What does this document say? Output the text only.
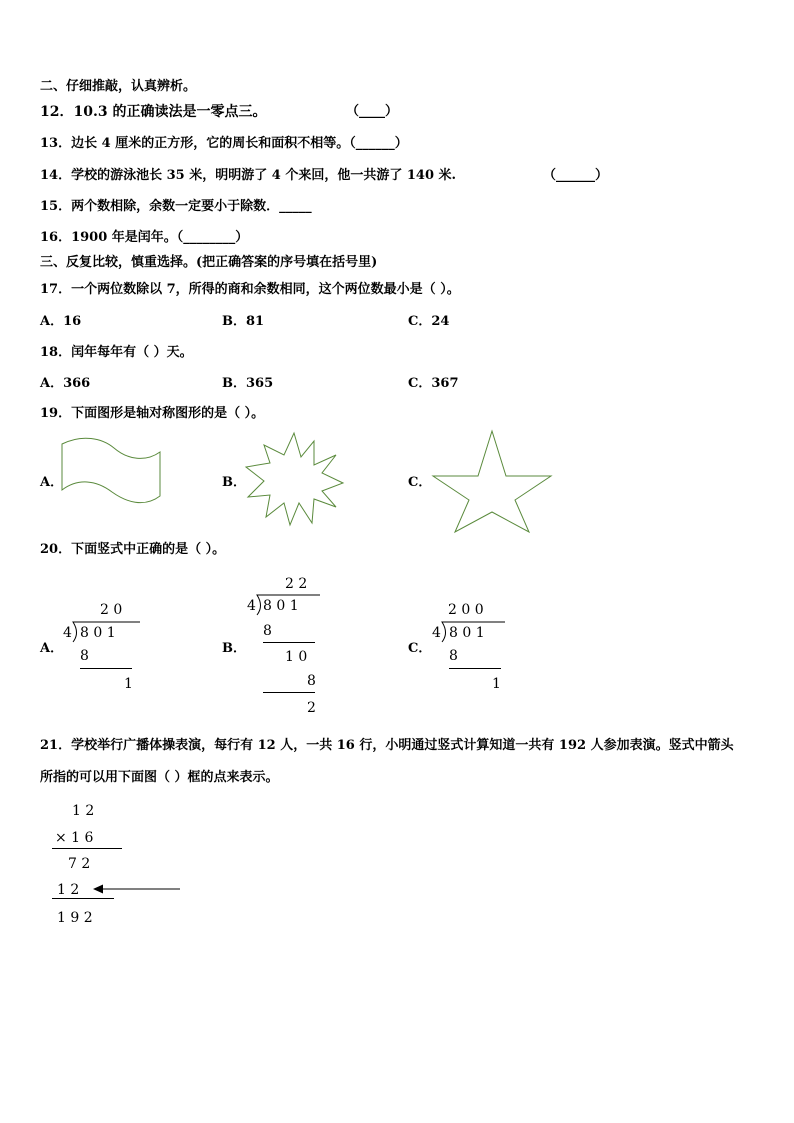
二、仔细推敲，认真辨析。
12．10.3 的正确读法是一零点三。	（____）
13．边长 4 厘米的正方形，它的周长和面积不相等。（______）
14．学校的游泳池长 35 米，明明游了 4 个来回，他一共游了 140 米.	（______）
15．两个数相除，余数一定要小于除数．_____
16．1900 年是闰年。（________）
三、反复比较，慎重选择。(把正确答案的序号填在括号里)
17．一个两位数除以 7，所得的商和余数相同，这个两位数最小是（ ）。
A．16	B．81	C．24
18．闰年每年有（ ）天。
A．366	B．365	C．367
19．下面图形是轴对称图形的是（ ）。
A．	B．	C．
20．下面竖式中正确的是（ ）。
A．	B．	C．
2 0
4 8 0 1
8
1
2 2
4 8 0 1
8
1 0
8
2
2 0 0
4 8 0 1
8
1
21．学校举行广播体操表演，每行有 12 人，一共 16 行，小明通过竖式计算知道一共有 192 人参加表演。竖式中箭头
所指的可以用下面图（ ）框的点来表示。
1 2
× 1 6
7 2
1 2
1 9 2
